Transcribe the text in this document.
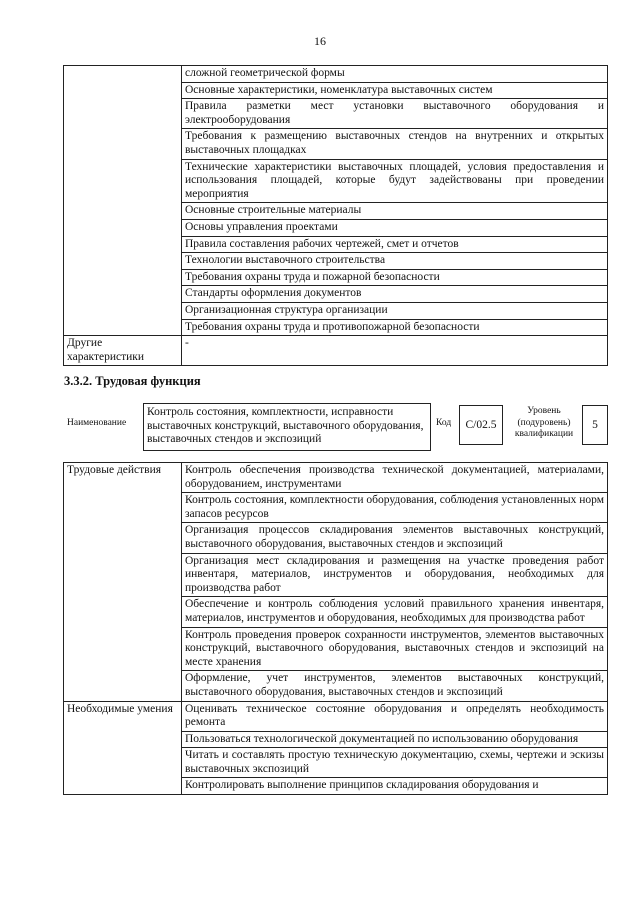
16
	сложной геометрической формы
	Основные характеристики, номенклатура выставочных систем
	Правила разметки мест установки выставочного оборудования и электрооборудования
	Требования к размещению выставочных стендов на внутренних и открытых выставочных площадках
	Технические характеристики выставочных площадей, условия предоставления и использования площадей, которые будут задействованы при проведении мероприятия
	Основные строительные материалы
	Основы управления проектами
	Правила составления рабочих чертежей, смет и отчетов
	Технологии выставочного строительства
	Требования охраны труда и пожарной безопасности
	Стандарты оформления документов
	Организационная структура организации
	Требования охраны труда и противопожарной безопасности
Другие характеристики	-
3.3.2. Трудовая функция
Наименование
Контроль состояния, комплектности, исправности выставочных конструкций, выставочного оборудования, выставочных стендов и экспозиций
Код	C/02.5
Уровень (подуровень) квалификации
5
Трудовые действия	Контроль обеспечения производства технической документацией, материалами, оборудованием, инструментами
	Контроль состояния, комплектности оборудования, соблюдения установленных норм запасов ресурсов
	Организация процессов складирования элементов выставочных конструкций, выставочного оборудования, выставочных стендов и экспозиций
	Организация мест складирования и размещения на участке проведения работ инвентаря, материалов, инструментов и оборудования, необходимых для производства работ
	Обеспечение и контроль соблюдения условий правильного хранения инвентаря, материалов, инструментов и оборудования, необходимых для производства работ
	Контроль проведения проверок сохранности инструментов, элементов выставочных конструкций, выставочного оборудования, выставочных стендов и экспозиций на месте хранения
	Оформление, учет инструментов, элементов выставочных конструкций, выставочного оборудования, выставочных стендов и экспозиций
Необходимые умения	Оценивать техническое состояние оборудования и определять необходимость ремонта
	Пользоваться технологической документацией по использованию оборудования
	Читать и составлять простую техническую документацию, схемы, чертежи и эскизы выставочных экспозиций
	Контролировать выполнение принципов складирования оборудования и
